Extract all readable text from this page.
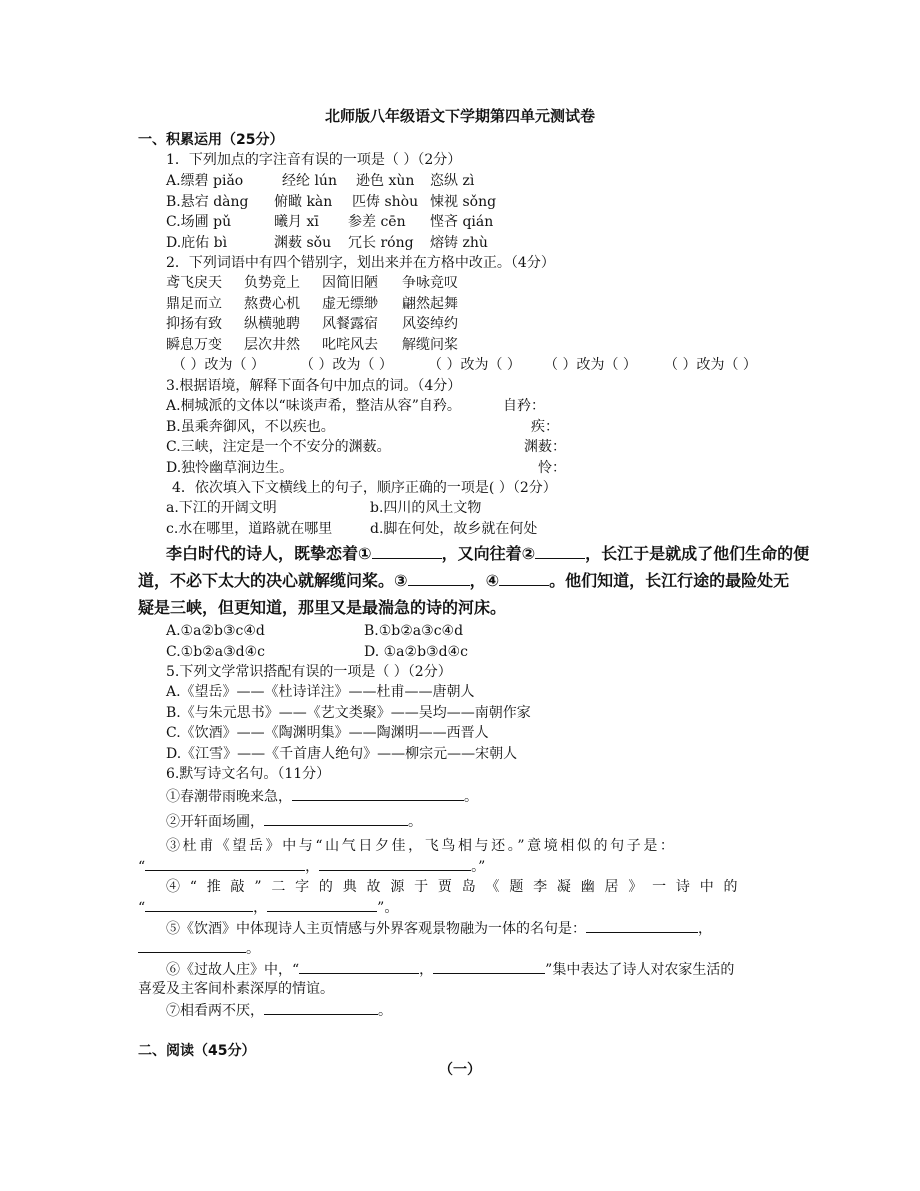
北师版八年级语文下学期第四单元测试卷
一、积累运用（25分）
1．下列加点的字注音有误的一项是（ ）（2分）
A.缥碧 piǎo	经纶 lún 逊色 xùn 恣纵 zì
B.悬宕 dàng 俯瞰 kàn 匹俦 shòu 悚视 sǒng
C.场圃 pǔ	曦月 xī 参差 cēn 悭吝 qián
D.庇佑 bì	渊薮 sǒu 冗长 róng 熔铸 zhù
2．下列词语中有四个错别字，划出来并在方格中改正。（4分）
鸢飞戾天 负势竞上 因简旧陋 争咏竞叹
鼎足而立 熬费心机 虚无缥缈 翩然起舞
抑扬有致 纵横驰聘 风餐露宿 风姿绰约
瞬息万变 层次井然 叱咤风去 解缆问桨
（ ）改为（ ）	（ ）改为（ ）	（ ）改为（ ） （ ）改为（ ） （ ）改为（ ）
3.根据语境，解释下面各句中加点的词。（4分）
A.桐城派的文体以“味谈声希，整洁从容”自矜。	自矜：
B.虽乘奔御风，不以疾也。	疾：
C.三峡，注定是一个不安分的渊薮。	渊薮：
D.独怜幽草涧边生。	怜：
4．依次填入下文横线上的句子，顺序正确的一项是( ）（2分）
a.下江的开阔文明	b.四川的风土文物
c.水在哪里，道路就在哪里	d.脚在何处，故乡就在何处
李白时代的诗人，既挚恋着①	，又向往着②	，长江于是就成了他们生命的便
道，不必下太大的决心就解缆问桨。③	，④	。他们知道，长江行途的最险处无
疑是三峡，但更知道，那里又是最湍急的诗的河床。
A.①a②b③c④d	B.①b②a③c④d
C.①b②a③d④c	D. ①a②b③d④c
5.下列文学常识搭配有误的一项是（ ）（2分）
A.《望岳》——《杜诗详注》——杜甫——唐朝人
B.《与朱元思书》——《艺文类聚》——吴均——南朝作家
C.《饮酒》——《陶渊明集》——陶渊明——西晋人
D.《江雪》——《千首唐人绝句》——柳宗元——宋朝人
6.默写诗文名句。（11分）
①春潮带雨晚来急，	。
②开轩面场圃，	。
③杜甫《望岳》中与“山气日夕佳，飞鸟相与还。”意境相似的句子是：
“	，	。”
④“推敲”二字的典故源于贾岛《题李凝幽居》一诗中的
“	，	”。
⑤《饮酒》中体现诗人主页情感与外界客观景物融为一体的名句是：	，
。
⑥《过故人庄》中，“	，	”集中表达了诗人对农家生活的
喜爱及主客间朴素深厚的情谊。
⑦相看两不厌，	。
二、阅读（45分）
（一）
